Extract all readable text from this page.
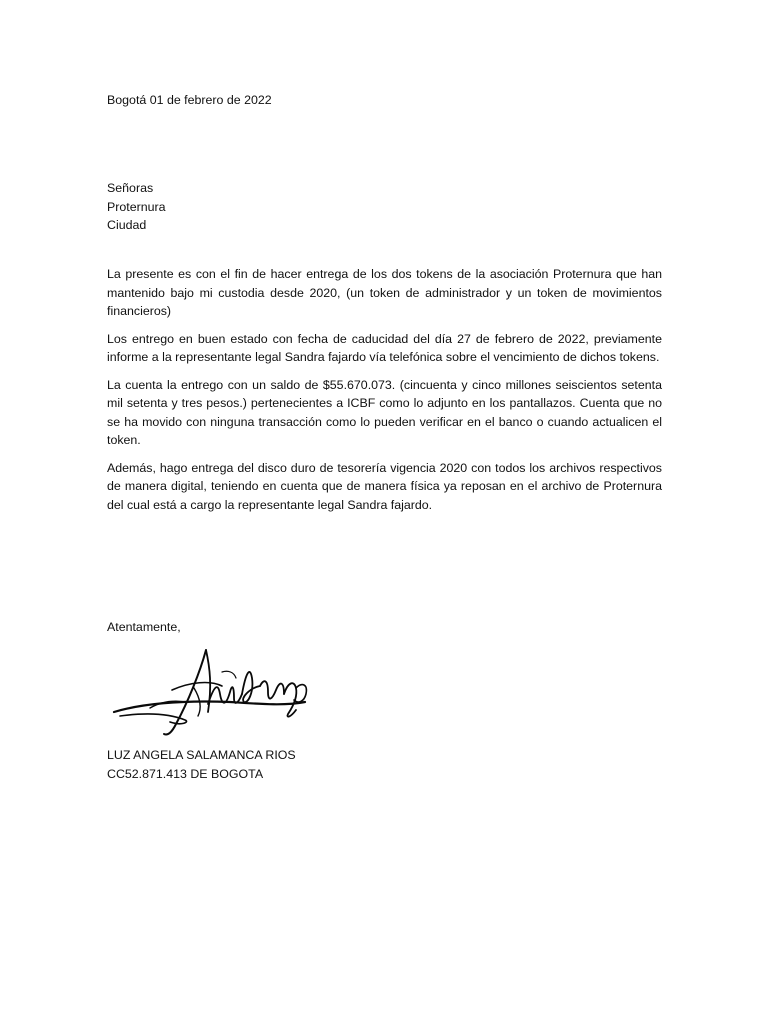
Bogotá 01 de febrero de 2022
Señoras
Proternura
Ciudad

La presente es con el fin de hacer entrega de los dos tokens de la asociación Proternura que han mantenido bajo mi custodia desde 2020, (un token de administrador y un token de movimientos financieros)

Los entrego en buen estado con fecha de caducidad del día 27 de febrero de 2022, previamente informe a la representante legal Sandra fajardo vía telefónica sobre el vencimiento de dichos tokens.

La cuenta la entrego con un saldo de $55.670.073. (cincuenta y cinco millones seiscientos setenta mil setenta y tres pesos.) pertenecientes a ICBF como lo adjunto en los pantallazos. Cuenta que no se ha movido con ninguna transacción como lo pueden verificar en el banco o cuando actualicen el token.

Además, hago entrega del disco duro de tesorería vigencia 2020 con todos los archivos respectivos de manera digital, teniendo en cuenta que de manera física ya reposan en el archivo de Proternura del cual está a cargo la representante legal Sandra fajardo.

Atentamente,
LUZ ANGELA SALAMANCA RIOS
CC52.871.413 DE BOGOTA
